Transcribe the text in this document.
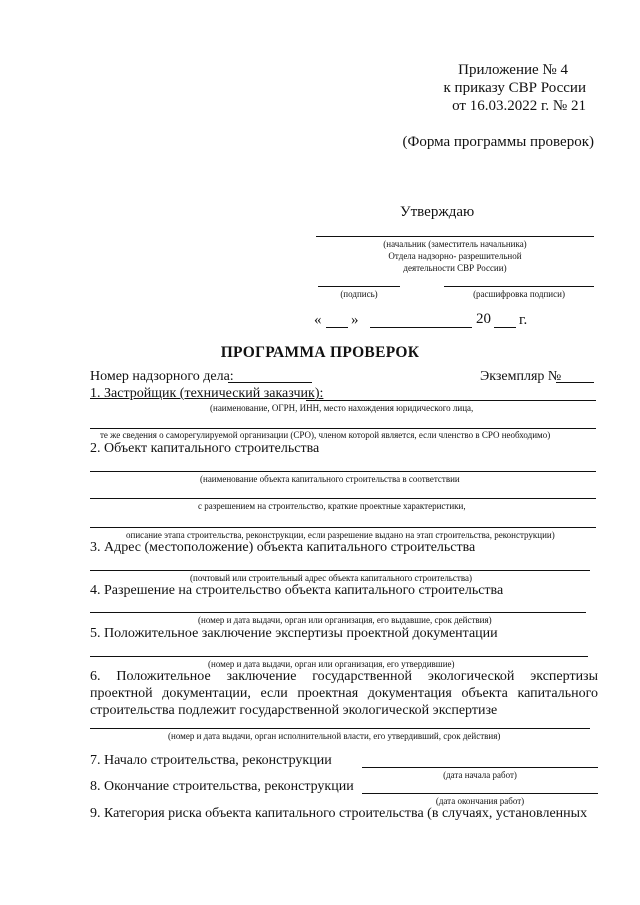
Приложение № 4
к приказу СВР России
от 16.03.2022 г. № 21
(Форма программы проверок)
Утверждаю
(начальник (заместитель начальника)
Отдела надзорно- разрешительной
деятельности СВР России)
(подпись)	(расшифровка подписи)
« »	20 г.
ПРОГРАММА ПРОВЕРОК
Номер надзорного дела:	Экземпляр №
1. Застройщик (технический заказчик):
(наименование, ОГРН, ИНН, место нахождения юридического лица,
те же сведения о саморегулируемой организации (СРО), членом которой является, если членство в СРО необходимо)
2. Объект капитального строительства
(наименование объекта капитального строительства в соответствии
с разрешением на строительство, краткие проектные характеристики,
описание этапа строительства, реконструкции, если разрешение выдано на этап строительства, реконструкции)
3. Адрес (местоположение) объекта капитального строительства
(почтовый или строительный адрес объекта капитального строительства)
4. Разрешение на строительство объекта капитального строительства
(номер и дата выдачи, орган или организация, его выдавшие, срок действия)
5. Положительное заключение экспертизы проектной документации
(номер и дата выдачи, орган или организация, его утвердившие)
6. Положительное заключение государственной экологической экспертизы проектной документации, если проектная документация объекта капитального строительства подлежит государственной экологической экспертизе
(номер и дата выдачи, орган исполнительной власти, его утвердивший, срок действия)
7. Начало строительства, реконструкции
(дата начала работ)
8. Окончание строительства, реконструкции
(дата окончания работ)
9. Категория риска объекта капитального строительства (в случаях, установленных
